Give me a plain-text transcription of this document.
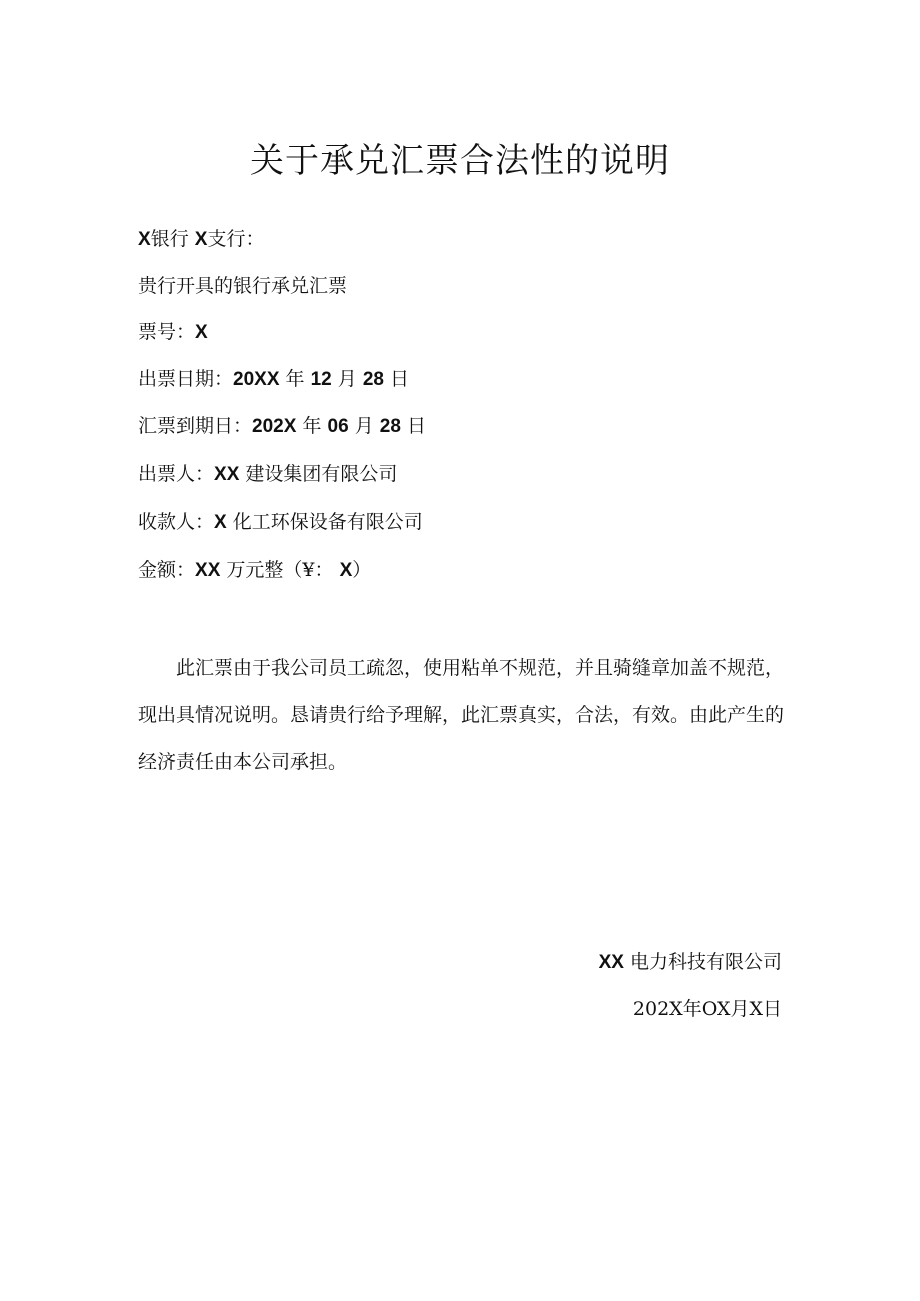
关于承兑汇票合法性的说明
X银行 X支行：
贵行开具的银行承兑汇票
票号：X
出票日期：20XX 年 12 月 28 日
汇票到期日：202X 年 06 月 28 日
出票人：XX 建设集团有限公司
收款人：X 化工环保设备有限公司
金额：XX 万元整（¥： X）

此汇票由于我公司员工疏忽，使用粘单不规范，并且骑缝章加盖不规范，现出具情况说明。恳请贵行给予理解，此汇票真实，合法，有效。由此产生的经济责任由本公司承担。

XX 电力科技有限公司
202X年OX月X日
